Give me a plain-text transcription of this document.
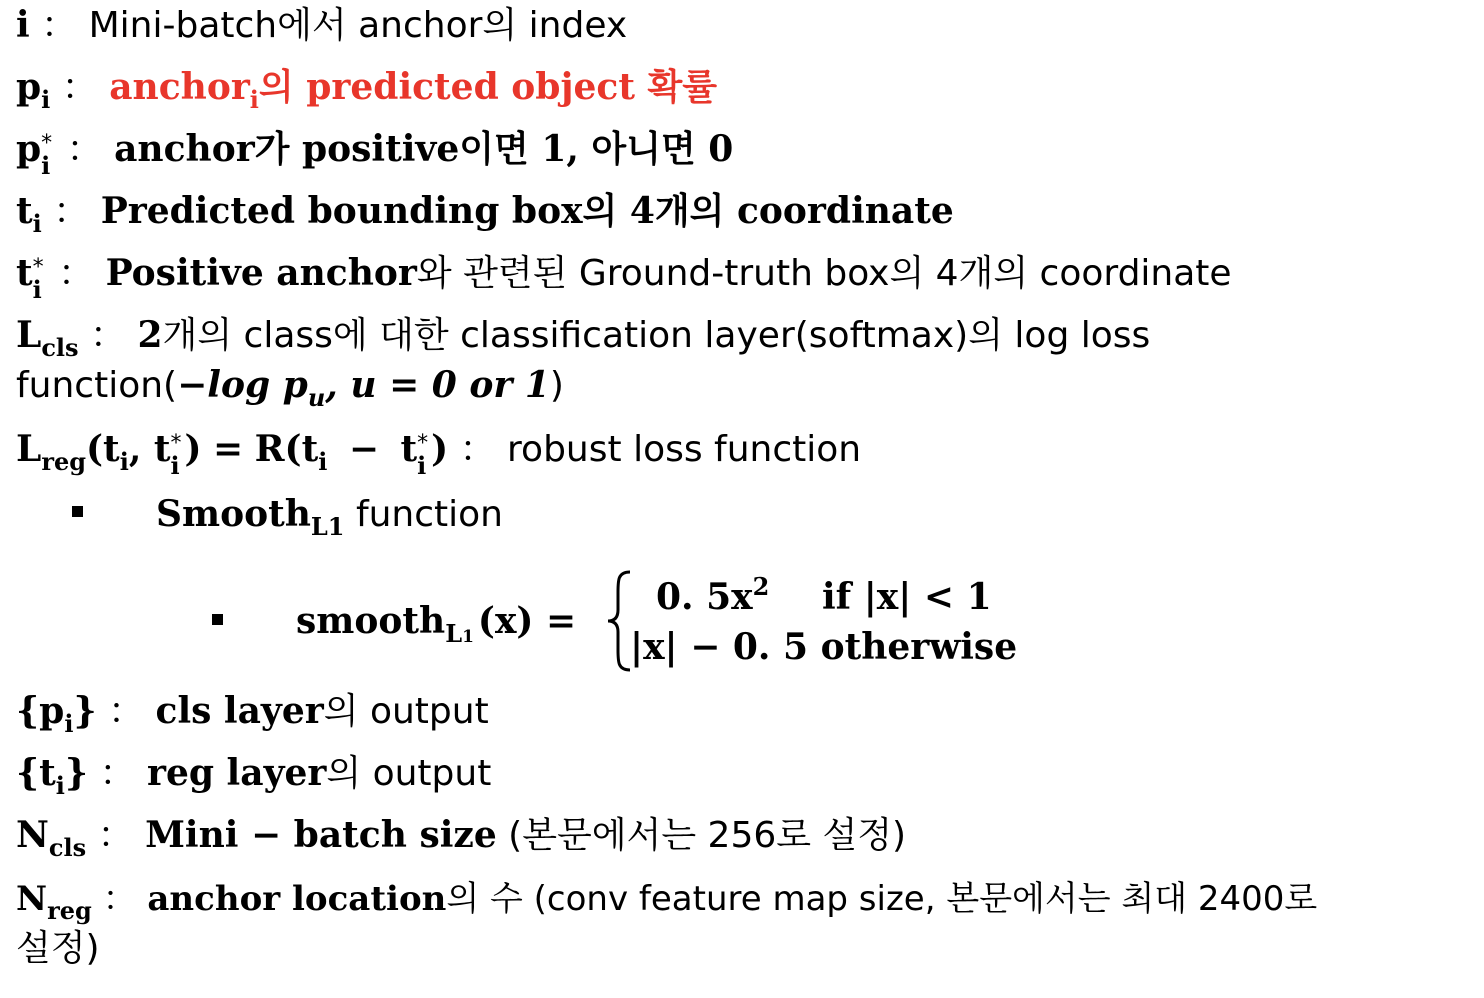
i ： Mini-batch에서 anchor의 index
$p_i$ ： anchor$_i$의 predicted object 확률
p *
i ： anchor가 positive이면 1, 아니면 0
$t_i$ ： Predicted bounding box의 4개의 coordinate
t *
i ： Positive anchor와 관련된 Ground-truth box의 4개의 coordinate
$L_{cls}$ ： 2개의 class에 대한 classification layer(softmax)의 log loss
function(−log $p_u$, u = 0 or 1)
$L_{reg}(t_i$, t *
i ) = $R(t_i - t$ *
i ) ： robust loss function
Smooth$_{L1}$ function
smooth$_{L1}$ (x) =
0. $5x^2$ if |x| < 1
|x| − 0. 5 otherwise
$\{p_i\}$ ： cls layer의 output
$\{t_i\}$ ： reg layer의 output
$N_{cls}$ ： Mini − batch size (본문에서는 256로 설정)
$N_{reg}$ ： anchor location의 수 (conv feature map size, 본문에서는 최대 2400로
설정)
